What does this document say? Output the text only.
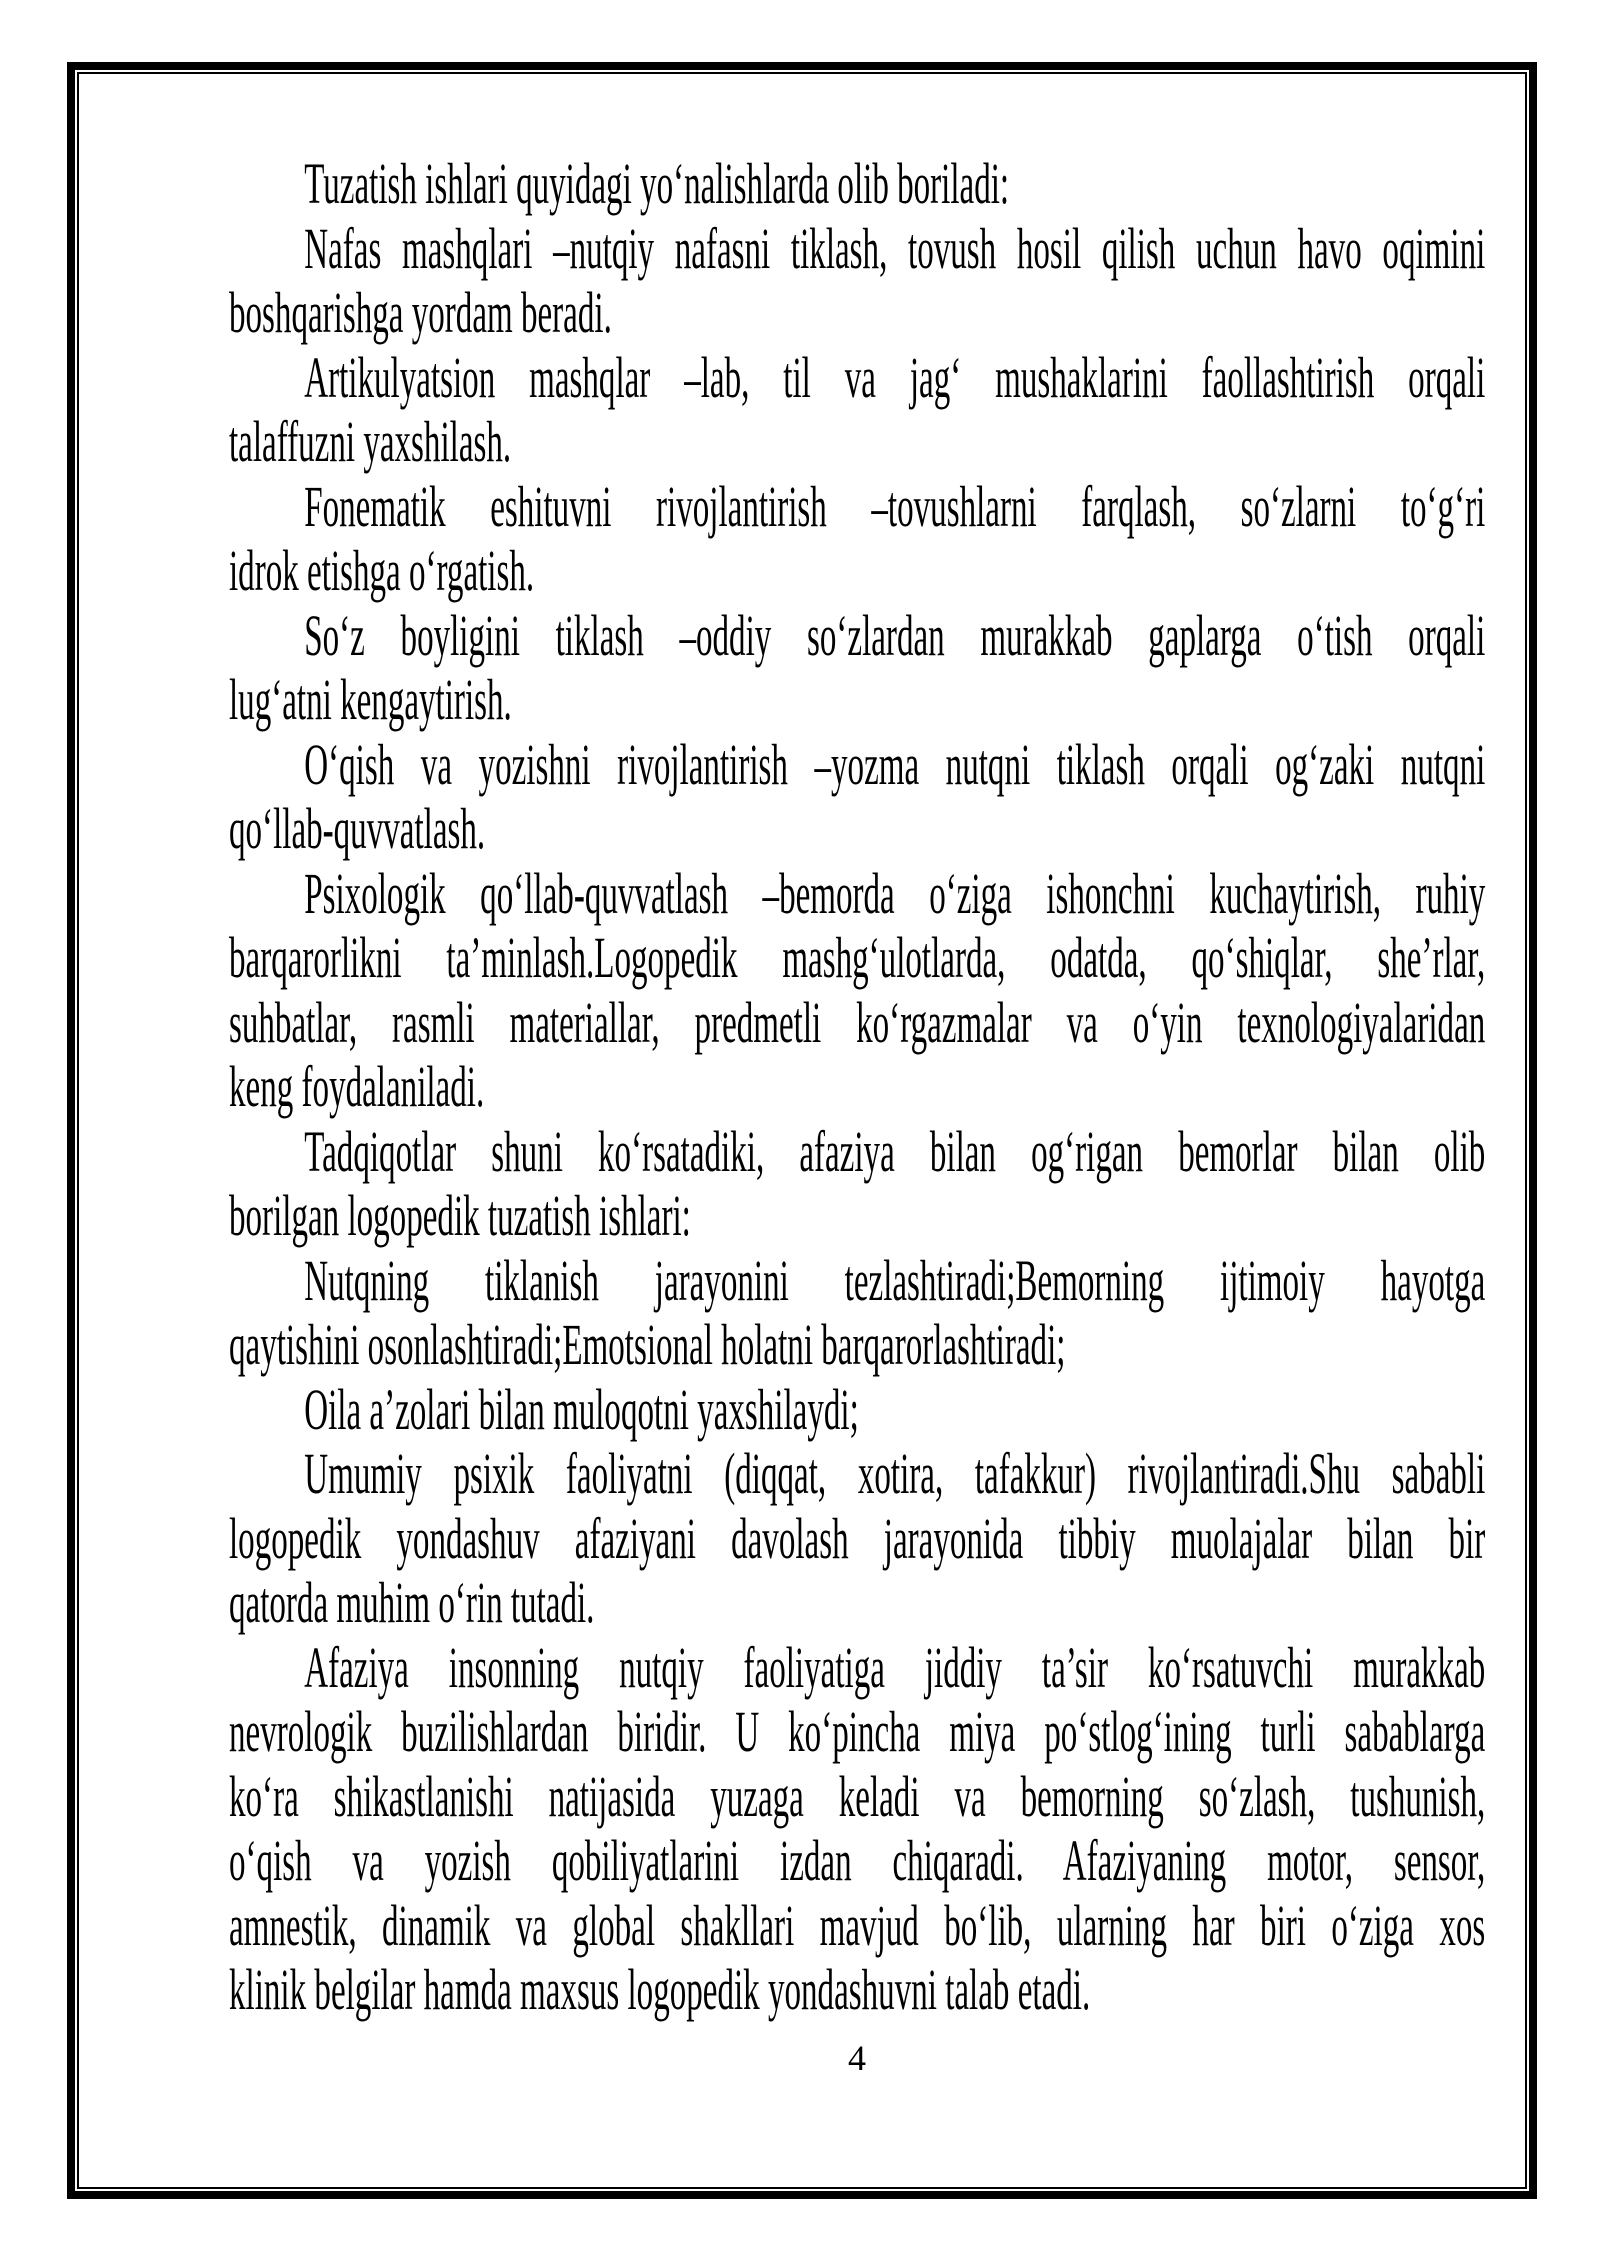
Tuzatish ishlari quyidagi yo‘nalishlarda olib boriladi:
Nafas mashqlari –nutqiy nafasni tiklash, tovush hosil qilish uchun havo oqimini
boshqarishga yordam beradi.
Artikulyatsion mashqlar –lab, til va jag‘ mushaklarini faollashtirish orqali
talaffuzni yaxshilash.
Fonematik eshituvni rivojlantirish –tovushlarni farqlash, so‘zlarni to‘g‘ri
idrok etishga o‘rgatish.
So‘z boyligini tiklash –oddiy so‘zlardan murakkab gaplarga o‘tish orqali
lug‘atni kengaytirish.
O‘qish va yozishni rivojlantirish –yozma nutqni tiklash orqali og‘zaki nutqni
qo‘llab-quvvatlash.
Psixologik qo‘llab-quvvatlash –bemorda o‘ziga ishonchni kuchaytirish, ruhiy
barqarorlikni ta’minlash.Logopedik mashg‘ulotlarda, odatda, qo‘shiqlar, she’rlar,
suhbatlar, rasmli materiallar, predmetli ko‘rgazmalar va o‘yin texnologiyalaridan
keng foydalaniladi.
Tadqiqotlar shuni ko‘rsatadiki, afaziya bilan og‘rigan bemorlar bilan olib
borilgan logopedik tuzatish ishlari:
Nutqning tiklanish jarayonini tezlashtiradi;Bemorning ijtimoiy hayotga
qaytishini osonlashtiradi;Emotsional holatni barqarorlashtiradi;
Oila a’zolari bilan muloqotni yaxshilaydi;
Umumiy psixik faoliyatni (diqqat, xotira, tafakkur) rivojlantiradi.Shu sababli
logopedik yondashuv afaziyani davolash jarayonida tibbiy muolajalar bilan bir
qatorda muhim o‘rin tutadi.
Afaziya insonning nutqiy faoliyatiga jiddiy ta’sir ko‘rsatuvchi murakkab
nevrologik buzilishlardan biridir. U ko‘pincha miya po‘stlog‘ining turli sabablarga
ko‘ra shikastlanishi natijasida yuzaga keladi va bemorning so‘zlash, tushunish,
o‘qish va yozish qobiliyatlarini izdan chiqaradi. Afaziyaning motor, sensor,
amnestik, dinamik va global shakllari mavjud bo‘lib, ularning har biri o‘ziga xos
klinik belgilar hamda maxsus logopedik yondashuvni talab etadi.
4
